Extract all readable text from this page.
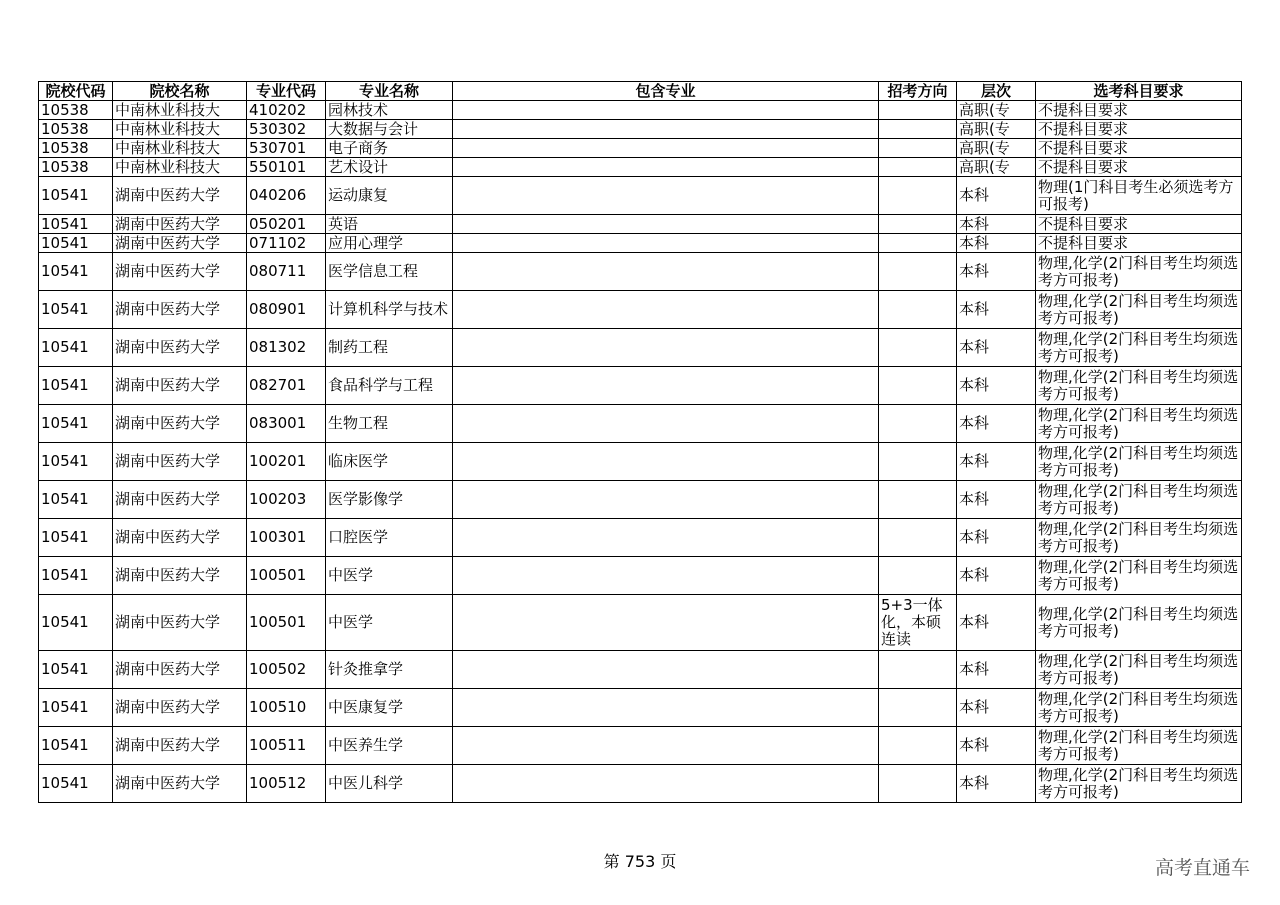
院校代码	院校名称	专业代码	专业名称	包含专业	招考方向	层次	选考科目要求
10538	中南林业科技大	410202	园林技术			高职(专	不提科目要求
10538	中南林业科技大	530302	大数据与会计			高职(专	不提科目要求
10538	中南林业科技大	530701	电子商务			高职(专	不提科目要求
10538	中南林业科技大	550101	艺术设计			高职(专	不提科目要求
10541	湖南中医药大学	040206	运动康复			本科	物理(1门科目考生必须选考方可报考)
10541	湖南中医药大学	050201	英语			本科	不提科目要求
10541	湖南中医药大学	071102	应用心理学			本科	不提科目要求
10541	湖南中医药大学	080711	医学信息工程			本科	物理,化学(2门科目考生均须选考方可报考)
10541	湖南中医药大学	080901	计算机科学与技术			本科	物理,化学(2门科目考生均须选考方可报考)
10541	湖南中医药大学	081302	制药工程			本科	物理,化学(2门科目考生均须选考方可报考)
10541	湖南中医药大学	082701	食品科学与工程			本科	物理,化学(2门科目考生均须选考方可报考)
10541	湖南中医药大学	083001	生物工程			本科	物理,化学(2门科目考生均须选考方可报考)
10541	湖南中医药大学	100201	临床医学			本科	物理,化学(2门科目考生均须选考方可报考)
10541	湖南中医药大学	100203	医学影像学			本科	物理,化学(2门科目考生均须选考方可报考)
10541	湖南中医药大学	100301	口腔医学			本科	物理,化学(2门科目考生均须选考方可报考)
10541	湖南中医药大学	100501	中医学			本科	物理,化学(2门科目考生均须选考方可报考)
10541	湖南中医药大学	100501	中医学		5+3一体化，本硕连读	本科	物理,化学(2门科目考生均须选考方可报考)
10541	湖南中医药大学	100502	针灸推拿学			本科	物理,化学(2门科目考生均须选考方可报考)
10541	湖南中医药大学	100510	中医康复学			本科	物理,化学(2门科目考生均须选考方可报考)
10541	湖南中医药大学	100511	中医养生学			本科	物理,化学(2门科目考生均须选考方可报考)
10541	湖南中医药大学	100512	中医儿科学			本科	物理,化学(2门科目考生均须选考方可报考)
第 753 页	高考直通车
